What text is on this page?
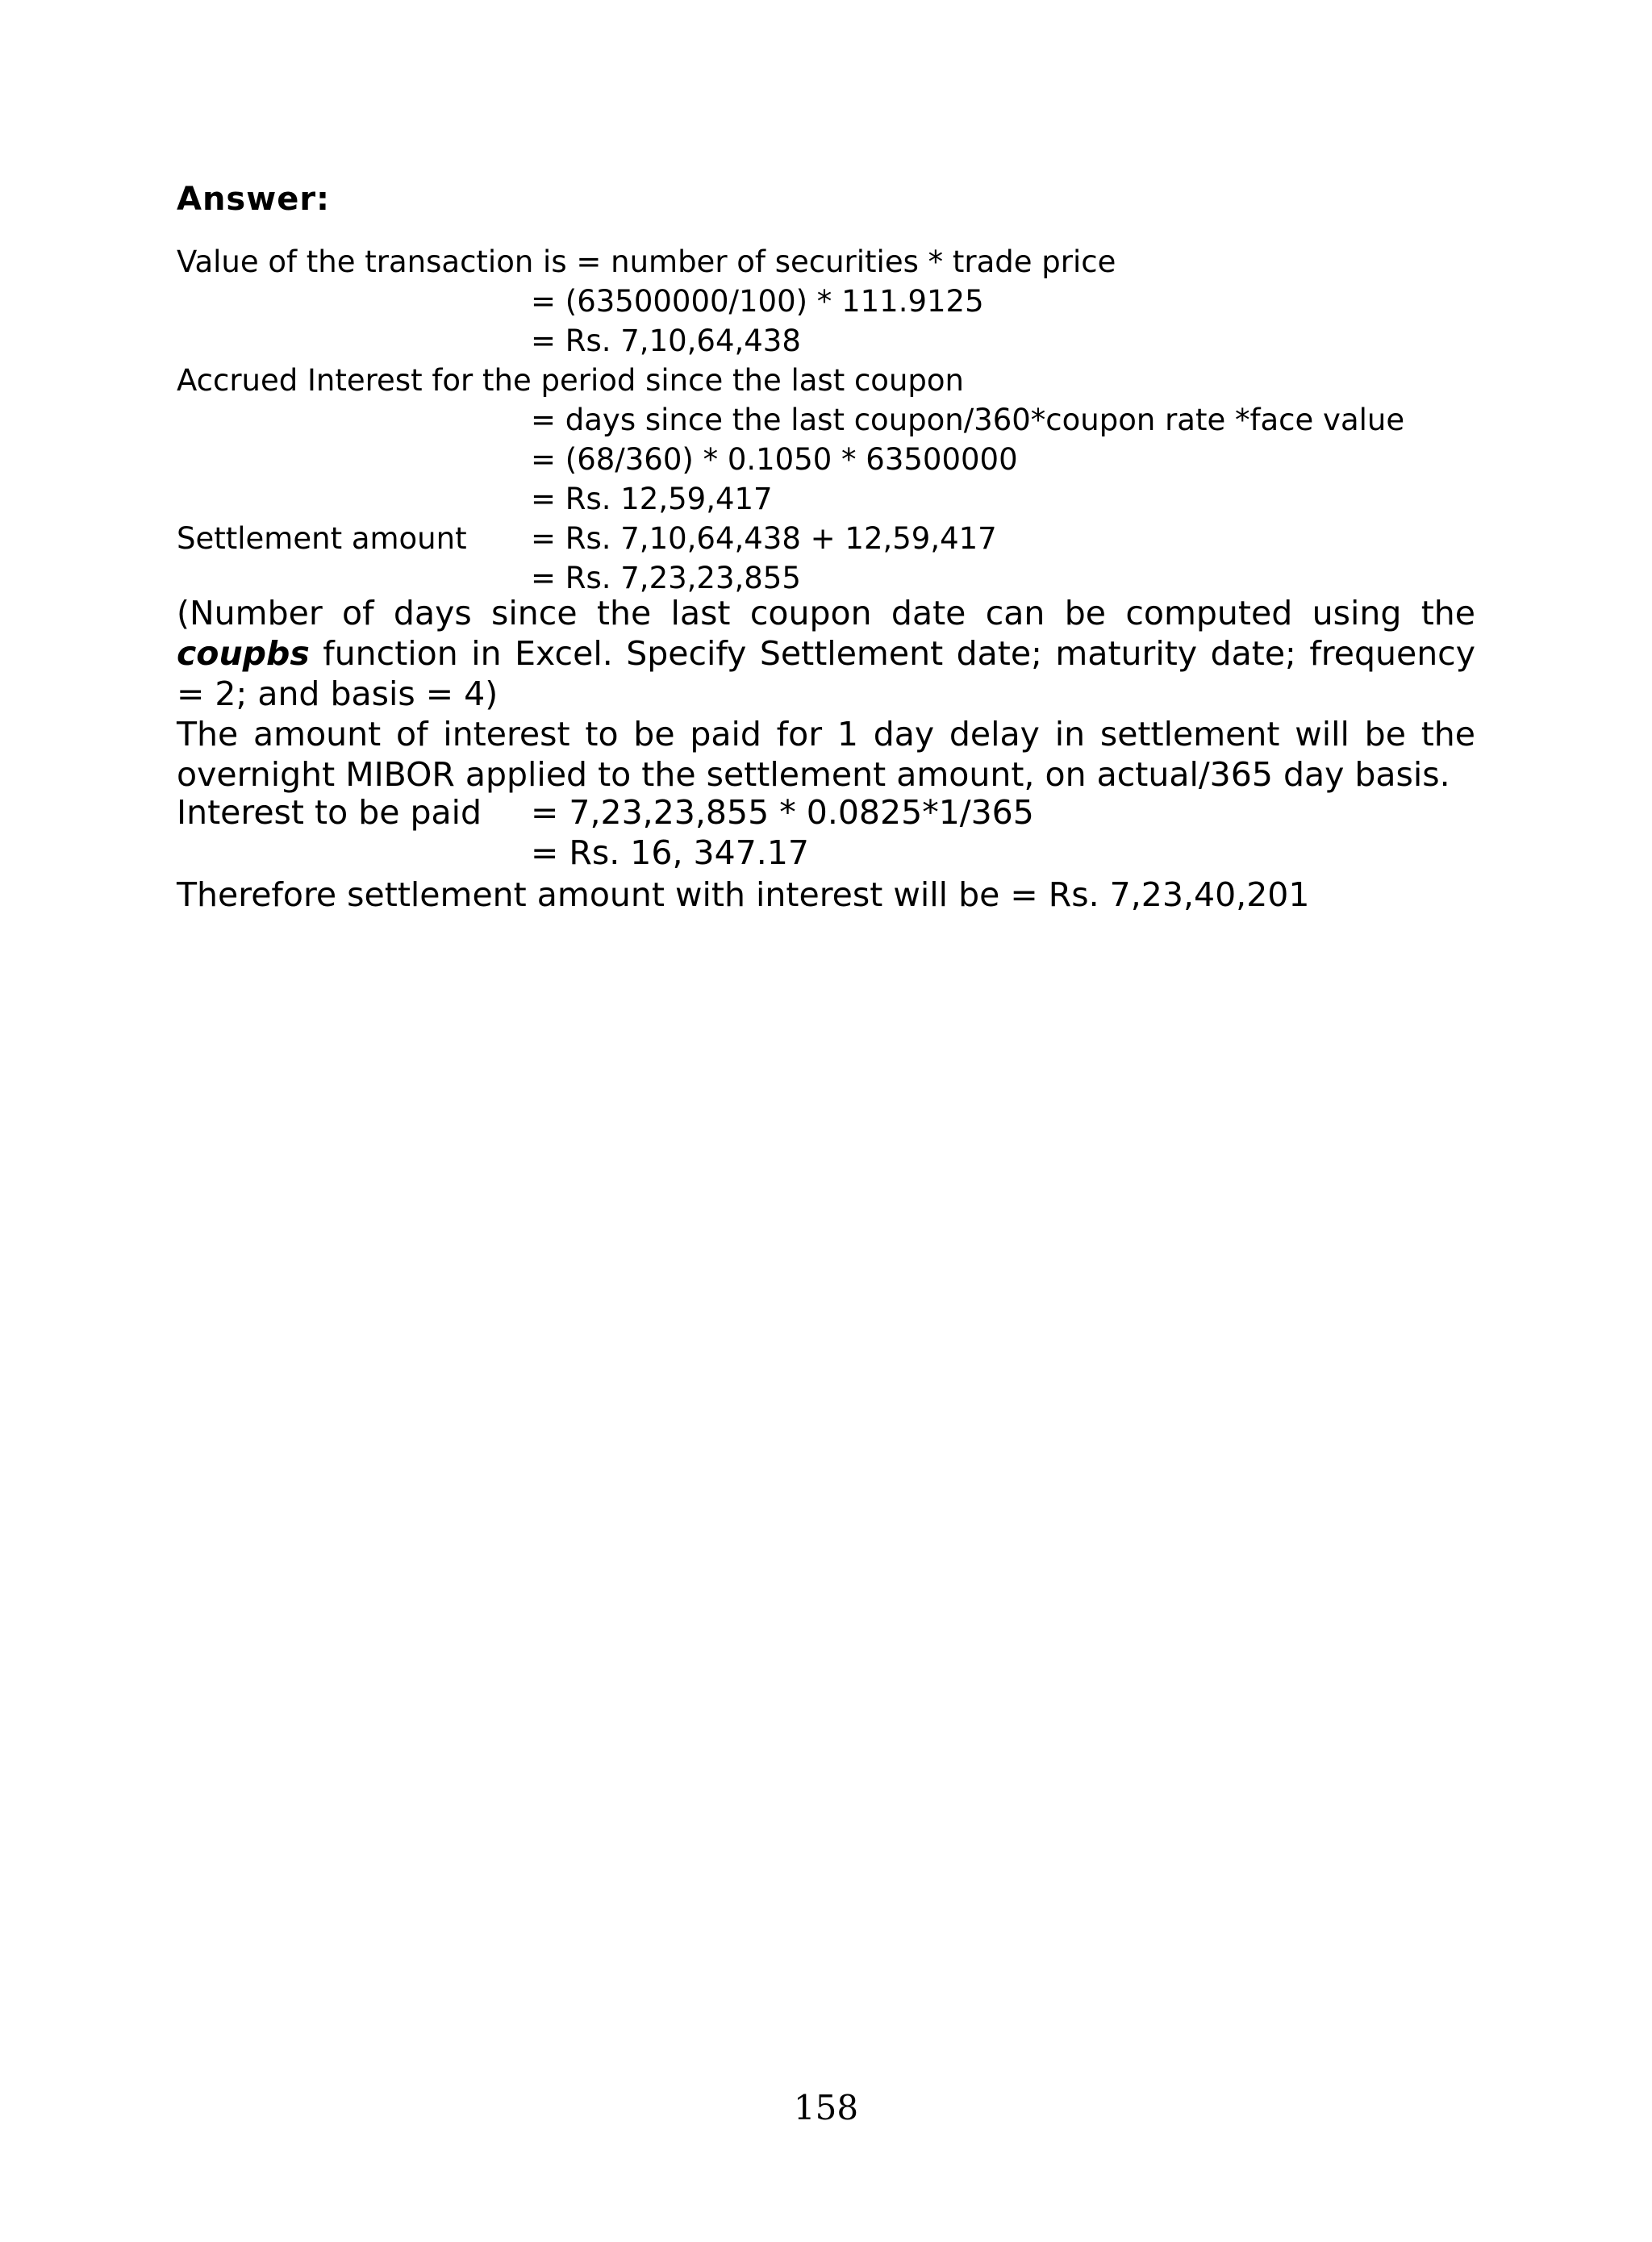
Answer:
Value of the transaction is = number of securities * trade price
= (63500000/100) * 111.9125
= Rs. 7,10,64,438
Accrued Interest for the period since the last coupon
= days since the last coupon/360*coupon rate *face value
= (68/360) * 0.1050 * 63500000
= Rs. 12,59,417
Settlement amount = Rs. 7,10,64,438 + 12,59,417
= Rs. 7,23,23,855
(Number of days since the last coupon date can be computed using the coupbs function in Excel. Specify Settlement date; maturity date; frequency = 2; and basis = 4)
The amount of interest to be paid for 1 day delay in settlement will be the overnight MIBOR applied to the settlement amount, on actual/365 day basis.
Interest to be paid = 7,23,23,855 * 0.0825*1/365
= Rs. 16, 347.17
Therefore settlement amount with interest will be = Rs. 7,23,40,201
158
